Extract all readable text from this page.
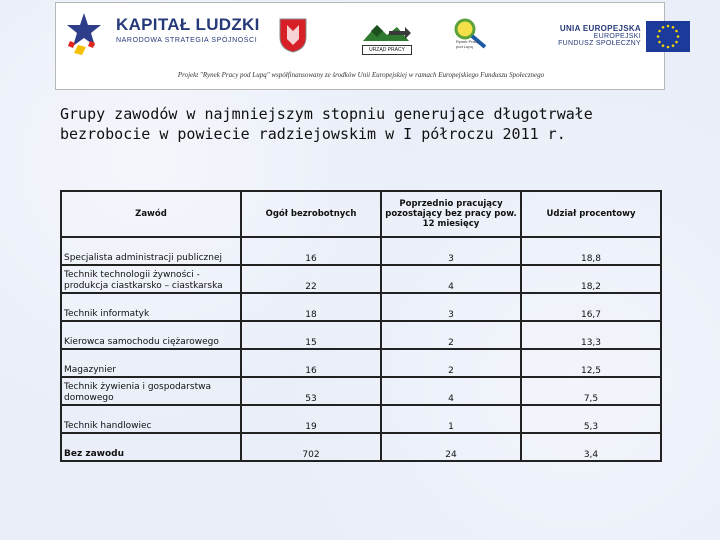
KAPITAŁ LUDZKI
NARODOWA STRATEGIA SPÓJNOŚCI
URZĄD PRACY
Rynek Pracy pod Lupą
UNIA EUROPEJSKA
EUROPEJSKI
FUNDUSZ SPOŁECZNY
Projekt "Rynek Pracy pod Lupą" współfinansowany ze środków Unii Europejskiej w ramach Europejskiego Funduszu Społecznego
Grupy zawodów w najmniejszym stopniu generujące długotrwałe bezrobocie w powiecie radziejowskim w I półroczu 2011 r.
Zawód	Ogół bezrobotnych	Poprzednio pracujący pozostający bez pracy pow. 12 miesięcy	Udział procentowy
Specjalista administracji publicznej	16	3	18,8
Technik technologii żywności - produkcja ciastkarsko – ciastkarska	22	4	18,2
Technik informatyk	18	3	16,7
Kierowca samochodu ciężarowego	15	2	13,3
Magazynier	16	2	12,5
Technik żywienia i gospodarstwa domowego	53	4	7,5
Technik handlowiec	19	1	5,3
Bez zawodu	702	24	3,4
